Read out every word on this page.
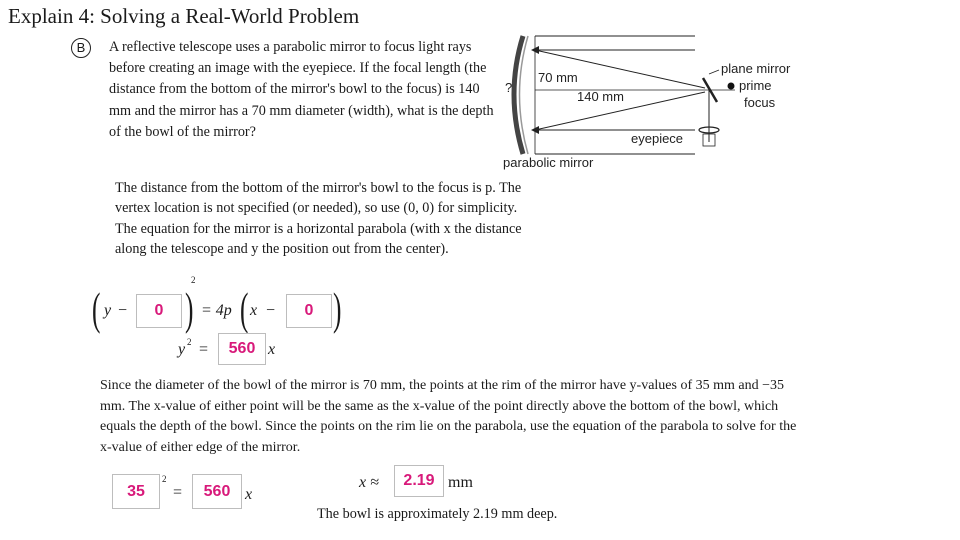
Explain 4: Solving a Real-World Problem
B	A reflective telescope uses a parabolic mirror to focus light rays before creating an image with the eyepiece. If the focal length (the distance from the bottom of the mirror's bowl to the focus) is 140 mm and the mirror has a 70 mm diameter (width), what is the depth of the bowl of the mirror?
?
70 mm
140 mm
plane mirror
prime
focus
eyepiece
parabolic mirror
The distance from the bottom of the mirror's bowl to the focus is p. The vertex location is not specified (or needed), so use (0, 0) for simplicity. The equation for the mirror is a horizontal parabola (with x the distance along the telescope and y the position out from the center).
( y −	0 )
2
= 4p ( x −	0 )
y 2 =	560 x
Since the diameter of the bowl of the mirror is 70 mm, the points at the rim of the mirror have y-values of 35 mm and −35 mm. The x-value of either point will be the same as the x-value of the point directly above the bottom of the bowl, which equals the depth of the bowl. Since the points on the rim lie on the parabola, use the equation of the parabola to solve for the x-value of either edge of the mirror.
35
2
=	560 x
x ≈	2.19 mm
The bowl is approximately 2.19 mm deep.
